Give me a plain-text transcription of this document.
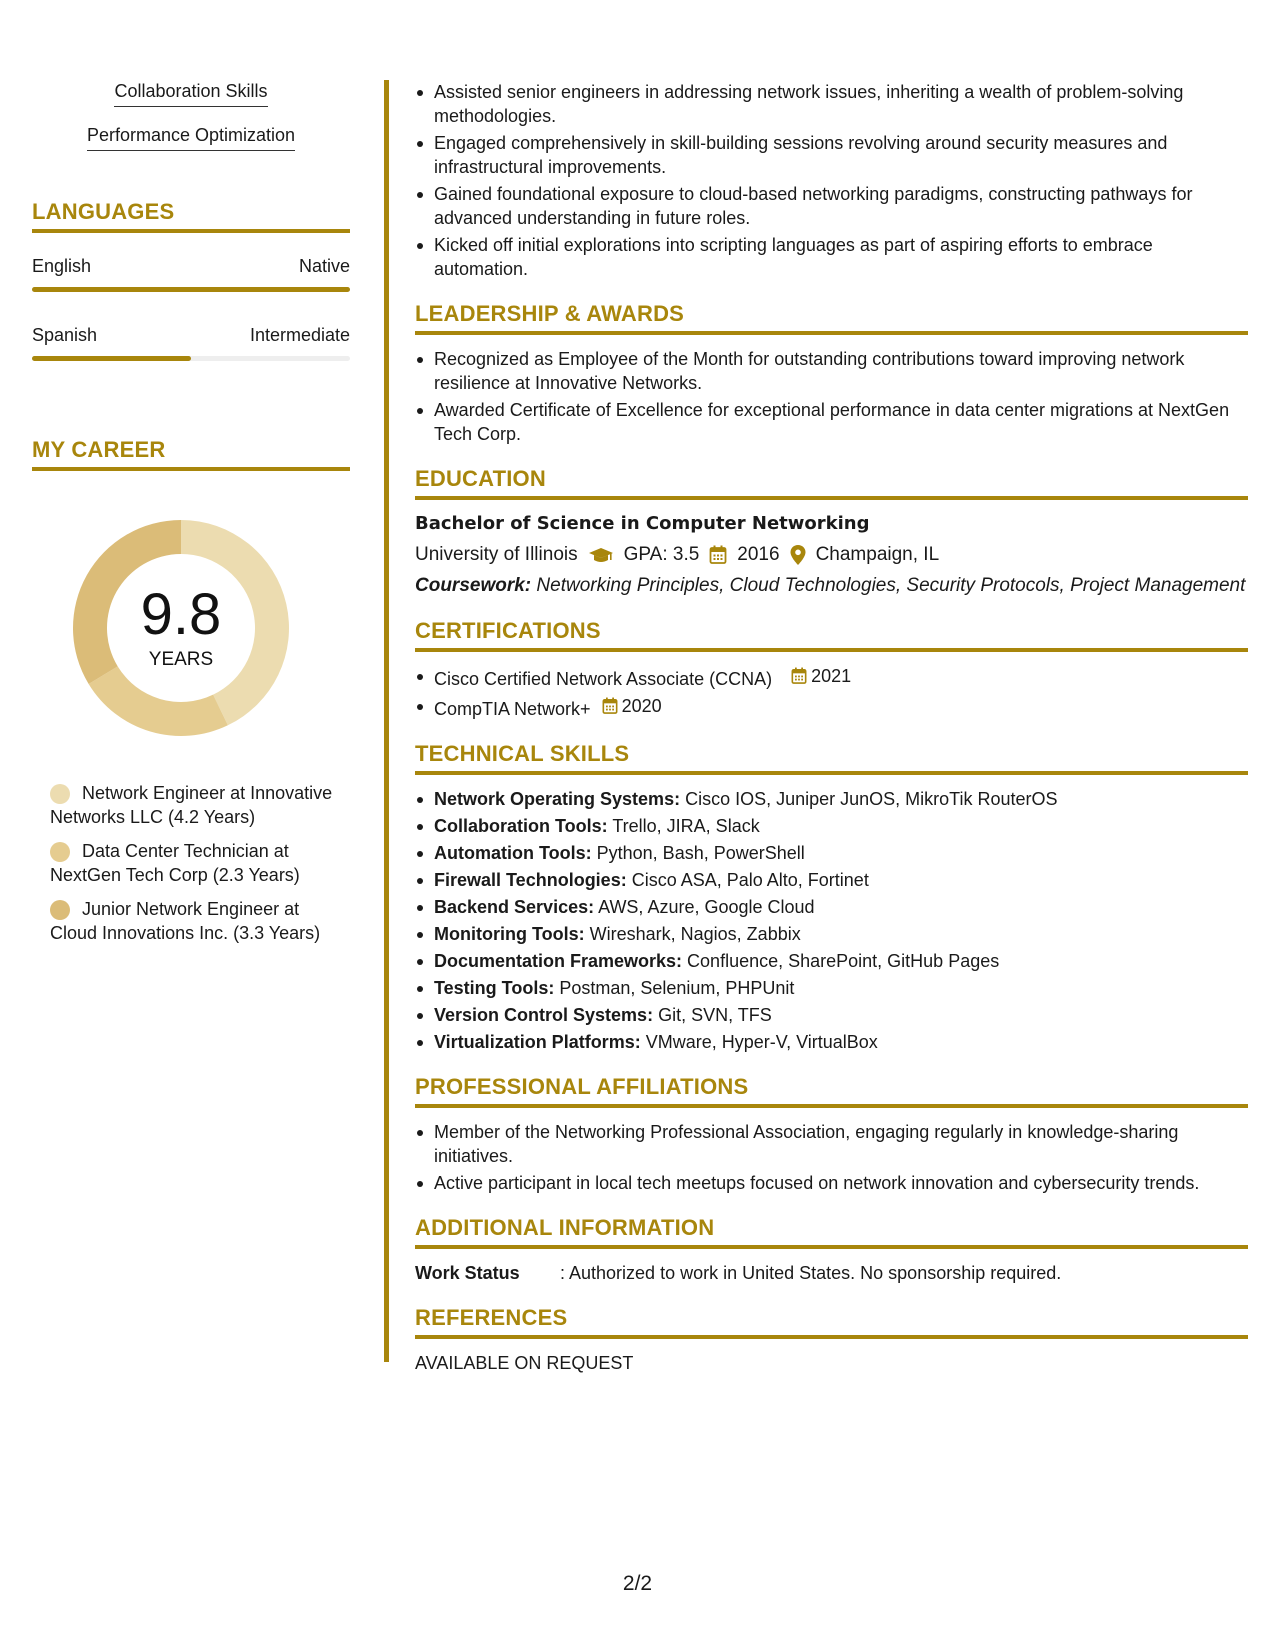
Collaboration Skills
Performance Optimization
LANGUAGES
English	Native
Spanish	Intermediate
MY CAREER
9.8
YEARS
Network Engineer at Innovative Networks LLC (4.2 Years)
Data Center Technician at NextGen Tech Corp (2.3 Years)
Junior Network Engineer at Cloud Innovations Inc. (3.3 Years)
Assisted senior engineers in addressing network issues, inheriting a wealth of problem-solving methodologies.
Engaged comprehensively in skill-building sessions revolving around security measures and infrastructural improvements.
Gained foundational exposure to cloud-based networking paradigms, constructing pathways for advanced understanding in future roles.
Kicked off initial explorations into scripting languages as part of aspiring efforts to embrace automation.
LEADERSHIP & AWARDS
Recognized as Employee of the Month for outstanding contributions toward improving network resilience at Innovative Networks.
Awarded Certificate of Excellence for exceptional performance in data center migrations at NextGen Tech Corp.
EDUCATION
Bachelor of Science in Computer Networking
University of Illinois GPA: 3.5 2016 Champaign, IL
Coursework: Networking Principles, Cloud Technologies, Security Protocols, Project Management
CERTIFICATIONS
Cisco Certified Network Associate (CCNA) 2021
CompTIA Network+ 2020
TECHNICAL SKILLS
Network Operating Systems: Cisco IOS, Juniper JunOS, MikroTik RouterOS
Collaboration Tools: Trello, JIRA, Slack
Automation Tools: Python, Bash, PowerShell
Firewall Technologies: Cisco ASA, Palo Alto, Fortinet
Backend Services: AWS, Azure, Google Cloud
Monitoring Tools: Wireshark, Nagios, Zabbix
Documentation Frameworks: Confluence, SharePoint, GitHub Pages
Testing Tools: Postman, Selenium, PHPUnit
Version Control Systems: Git, SVN, TFS
Virtualization Platforms: VMware, Hyper-V, VirtualBox
PROFESSIONAL AFFILIATIONS
Member of the Networking Professional Association, engaging regularly in knowledge-sharing initiatives.
Active participant in local tech meetups focused on network innovation and cybersecurity trends.
ADDITIONAL INFORMATION
Work Status	: Authorized to work in United States. No sponsorship required.
REFERENCES
AVAILABLE ON REQUEST
2/2
